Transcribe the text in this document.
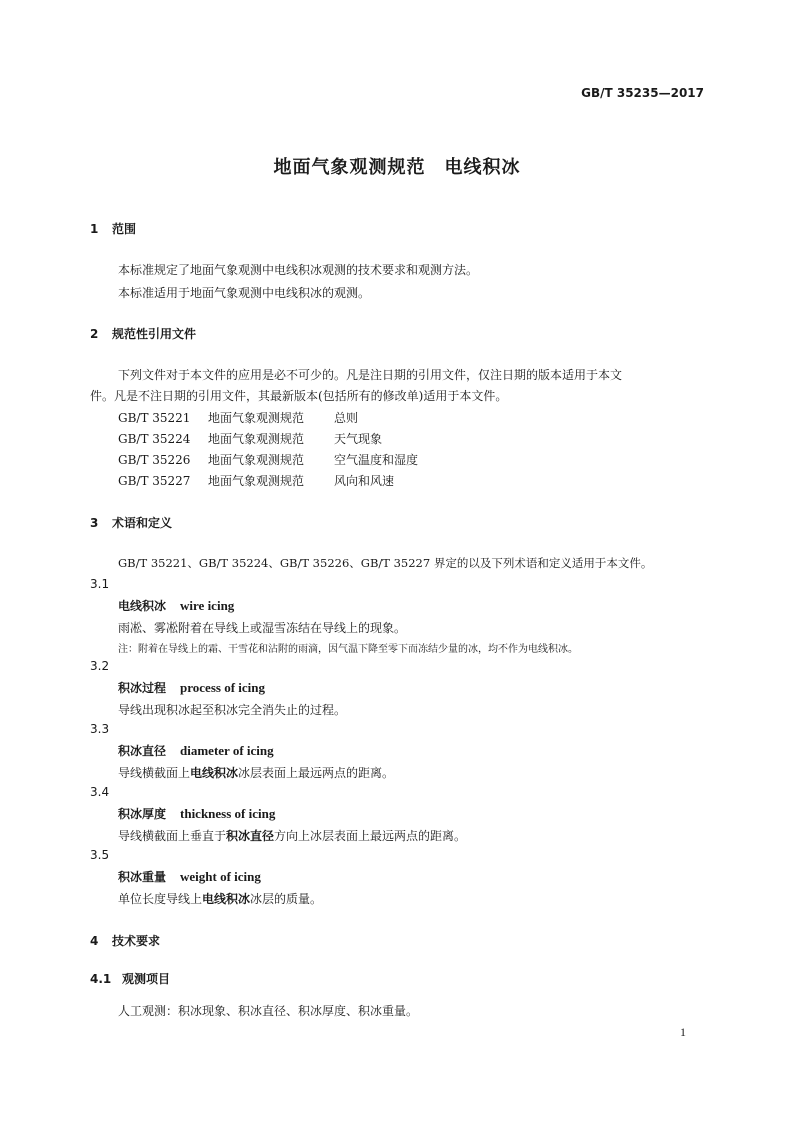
GB/T 35235—2017
地面气象观测规范　电线积冰
1 范围
本标准规定了地面气象观测中电线积冰观测的技术要求和观测方法。
本标准适用于地面气象观测中电线积冰的观测。
2 规范性引用文件
下列文件对于本文件的应用是必不可少的。凡是注日期的引用文件，仅注日期的版本适用于本文
件。凡是不注日期的引用文件，其最新版本(包括所有的修改单)适用于本文件。
GB/T 35221 地面气象观测规范 总则
GB/T 35224 地面气象观测规范 天气现象
GB/T 35226 地面气象观测规范 空气温度和湿度
GB/T 35227 地面气象观测规范 风向和风速
3 术语和定义
GB/T 35221、GB/T 35224、GB/T 35226、GB/T 35227 界定的以及下列术语和定义适用于本文件。
3.1
电线积冰 wire icing
雨凇、雾凇附着在导线上或湿雪冻结在导线上的现象。
注：附着在导线上的霜、干雪花和沾附的雨滴，因气温下降至零下而冻结少量的冰，均不作为电线积冰。
3.2
积冰过程 process of icing
导线出现积冰起至积冰完全消失止的过程。
3.3
积冰直径 diameter of icing
导线横截面上电线积冰冰层表面上最远两点的距离。
3.4
积冰厚度 thickness of icing
导线横截面上垂直于积冰直径方向上冰层表面上最远两点的距离。
3.5
积冰重量 weight of icing
单位长度导线上电线积冰冰层的质量。
4 技术要求
4.1 观测项目
人工观测：积冰现象、积冰直径、积冰厚度、积冰重量。
1
